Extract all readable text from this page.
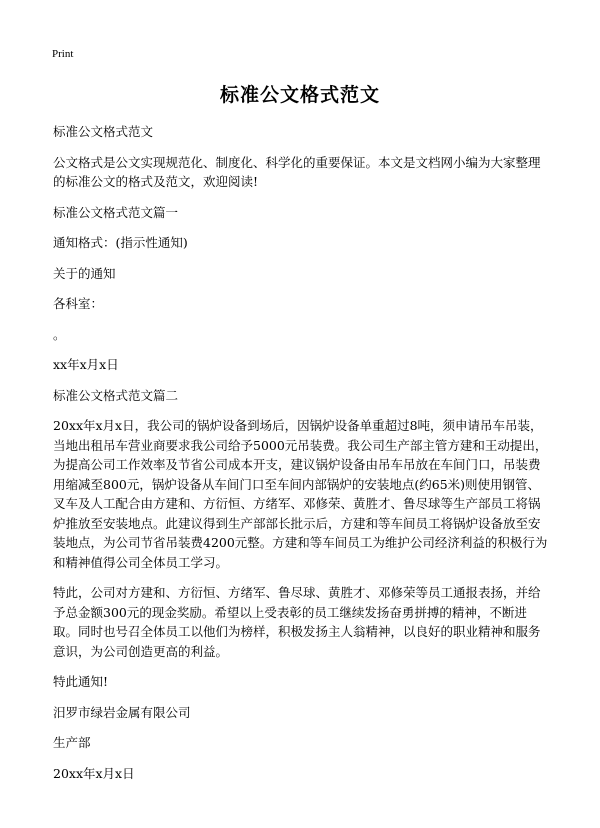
Print
标准公文格式范文

标准公文格式范文

公文格式是公文实现规范化、制度化、科学化的重要保证。本文是文档网小编为大家整理的标准公文的格式及范文，欢迎阅读!

标准公文格式范文篇一

通知格式：(指示性通知)

关于的通知

各科室：

。

xx年x月x日

标准公文格式范文篇二

20xx年x月x日，我公司的锅炉设备到场后，因锅炉设备单重超过8吨，须申请吊车吊装，当地出租吊车营业商要求我公司给予5000元吊装费。我公司生产部主管方建和王动提出，为提高公司工作效率及节省公司成本开支，建议锅炉设备由吊车吊放在车间门口，吊装费用缩减至800元，锅炉设备从车间门口至车间内部锅炉的安装地点(约65米)则使用钢管、叉车及人工配合由方建和、方衍恒、方绪军、邓修荣、黄胜才、鲁尽球等生产部员工将锅炉推放至安装地点。此建议得到生产部部长批示后，方建和等车间员工将锅炉设备放至安装地点，为公司节省吊装费4200元整。方建和等车间员工为维护公司经济利益的积极行为和精神值得公司全体员工学习。

特此，公司对方建和、方衍恒、方绪军、鲁尽球、黄胜才、邓修荣等员工通报表扬，并给予总金额300元的现金奖励。希望以上受表彰的员工继续发扬奋勇拼搏的精神，不断进取。同时也号召全体员工以他们为榜样，积极发扬主人翁精神，以良好的职业精神和服务意识，为公司创造更高的利益。

特此通知!

汨罗市绿岩金属有限公司

生产部

20xx年x月x日
